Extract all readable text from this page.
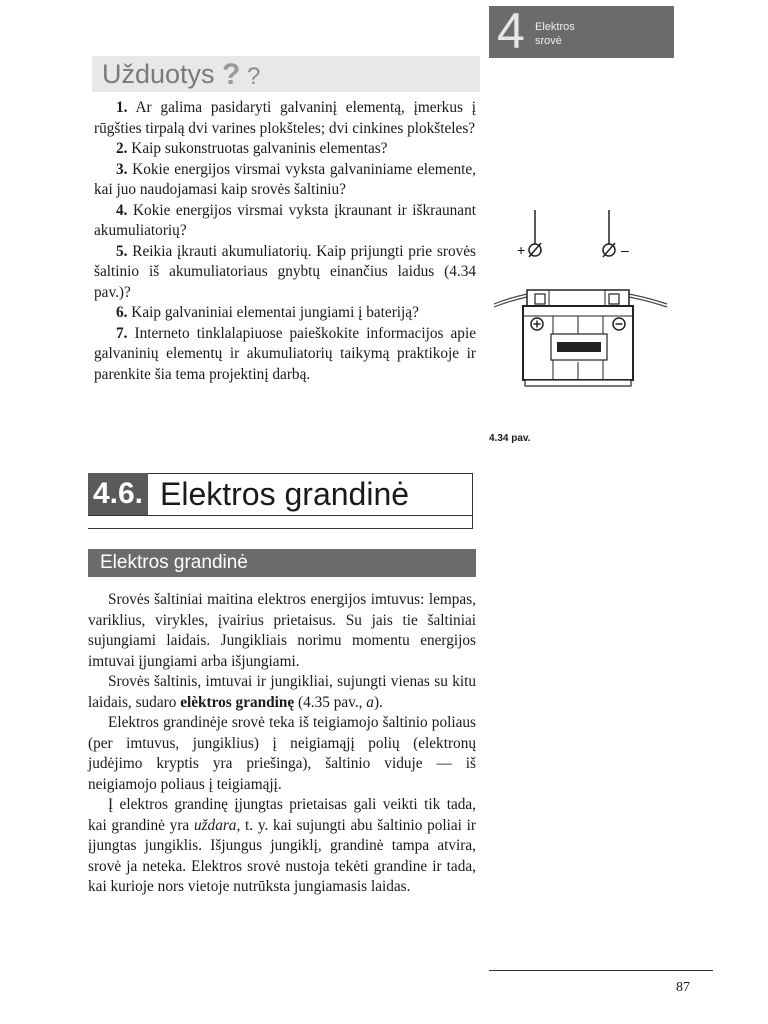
4 Elektros
srovė
Užduotys ? ?

1. Ar galima pasidaryti galvaninį elementą, įmerkus į rūgšties tirpalą dvi varines plokšteles; dvi cinkines plokšteles?

2. Kaip sukonstruotas galvaninis elementas?

3. Kokie energijos virsmai vyksta galvaniniame elemente, kai juo naudojamasi kaip srovės šaltiniu?

4. Kokie energijos virsmai vyksta įkraunant ir iškraunant akumuliatorių?

5. Reikia įkrauti akumuliatorių. Kaip prijungti prie srovės šaltinio iš akumuliatoriaus gnybtų einančius laidus (4.34 pav.)?

6. Kaip galvaniniai elementai jungiami į bateriją?

7. Interneto tinklalapiuose paieškokite informacijos apie galvaninių elementų ir akumuliatorių taikymą praktikoje ir parenkite šia tema projektinį darbą.

+	–
4.34 pav.
4.6. Elektros grandinė
Elektros grandinė

Srovės šaltiniai maitina elektros energijos imtuvus: lempas, variklius, virykles, įvairius prietaisus. Su jais tie šaltiniai sujungiami laidais. Jungikliais norimu momentu energijos imtuvai įjungiami arba išjungiami.

Srovės šaltinis, imtuvai ir jungikliai, sujungti vienas su kitu laidais, sudaro elèktros grandinę (4.35 pav., a).

Elektros grandinėje srovė teka iš teigiamojo šaltinio poliaus (per imtuvus, jungiklius) į neigiamąjį polių (elektronų judėjimo kryptis yra priešinga), šaltinio viduje — iš neigiamojo poliaus į teigiamąjį.

Į elektros grandinę įjungtas prietaisas gali veikti tik tada, kai grandinė yra uždara, t. y. kai sujungti abu šaltinio poliai ir įjungtas jungiklis. Išjungus jungiklį, grandinė tampa atvira, srovė ja neteka. Elektros srovė nustoja tekėti grandine ir tada, kai kurioje nors vietoje nutrūksta jungiamasis laidas.

87
